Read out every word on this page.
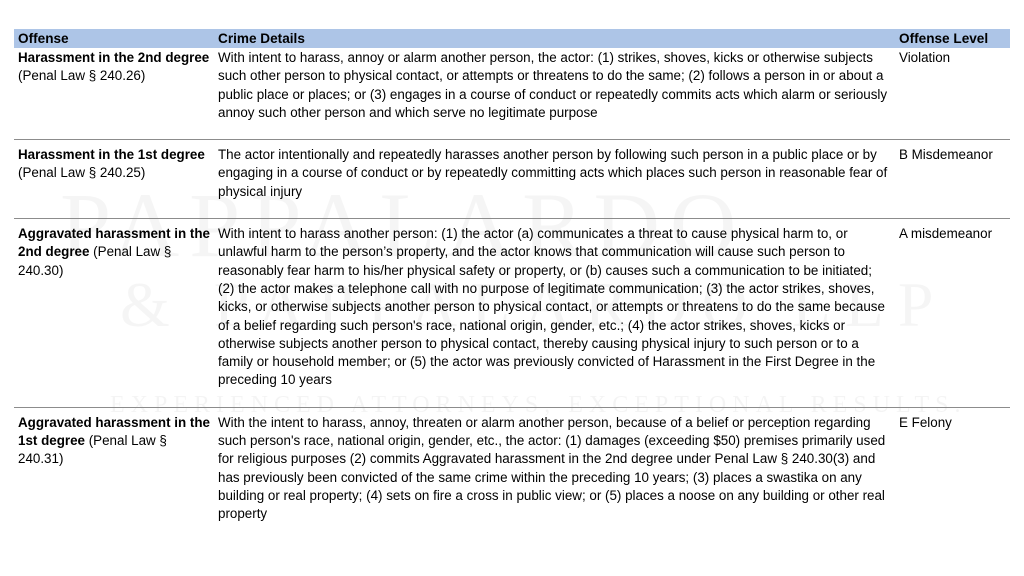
Offense	Crime Details	Offense Level
Harassment in the 2nd degree (Penal Law § 240.26)	With intent to harass, annoy or alarm another person, the actor: (1) strikes, shoves, kicks or otherwise subjects such other person to physical contact, or attempts or threatens to do the same; (2) follows a person in or about a public place or places; or (3) engages in a course of conduct or repeatedly commits acts which alarm or seriously annoy such other person and which serve no legitimate purpose	Violation
Harassment in the 1st degree (Penal Law § 240.25)	The actor intentionally and repeatedly harasses another person by following such person in a public place or by engaging in a course of conduct or by repeatedly committing acts which places such person in reasonable fear of physical injury	B Misdemeanor
Aggravated harassment in the 2nd degree (Penal Law § 240.30)	With intent to harass another person: (1) the actor (a) communicates a threat to cause physical harm to, or unlawful harm to the person’s property, and the actor knows that communication will cause such person to reasonably fear harm to his/her physical safety or property, or (b) causes such a communication to be initiated; (2) the actor makes a telephone call with no purpose of legitimate communication; (3) the actor strikes, shoves, kicks, or otherwise subjects another person to physical contact, or attempts or threatens to do the same because of a belief regarding such person's race, national origin, gender, etc.; (4) the actor strikes, shoves, kicks or otherwise subjects another person to physical contact, thereby causing physical injury to such person or to a family or household member; or (5) the actor was previously convicted of Harassment in the First Degree in the preceding 10 years	A misdemeanor
Aggravated harassment in the 1st degree (Penal Law § 240.31)	With the intent to harass, annoy, threaten or alarm another person, because of a belief or perception regarding such person's race, national origin, gender, etc., the actor: (1) damages (exceeding $50) premises primarily used for religious purposes (2) commits Aggravated harassment in the 2nd degree under Penal Law § 240.30(3) and has previously been convicted of the same crime within the preceding 10 years; (3) places a swastika on any building or real property; (4) sets on fire a cross in public view; or (5) places a noose on any building or other real property	E Felony
